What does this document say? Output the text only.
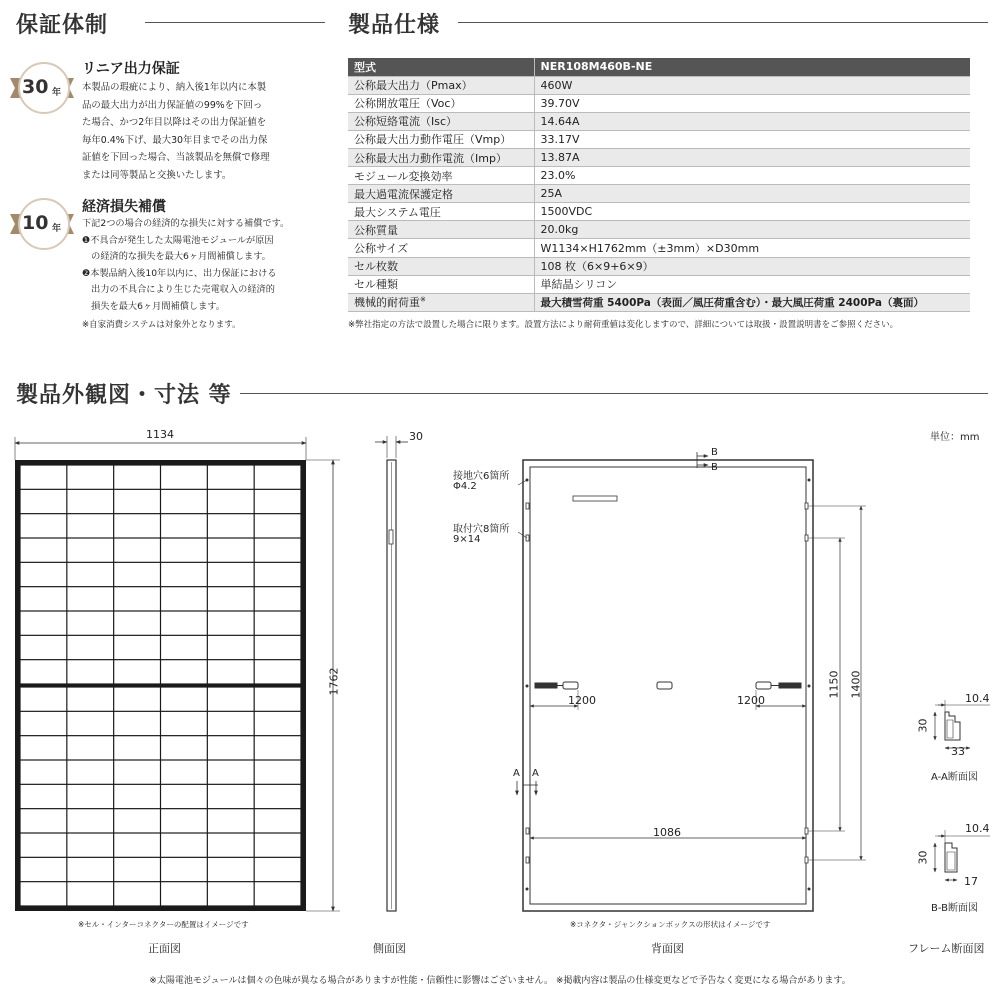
保証体制
30 年
リニア出力保証
本製品の瑕疵により、納入後1年以内に本製
品の最大出力が出力保証値の99%を下回っ
た場合、かつ2年目以降はその出力保証値を
毎年0.4%下げ、最大30年目までその出力保
証値を下回った場合、当該製品を無償で修理
または同等製品と交換いたします。
10 年
経済損失補償
下記2つの場合の経済的な損失に対する補償です。
❶不具合が発生した太陽電池モジュールが原因
　の経済的な損失を最大6ヶ月間補償します。
❷本製品納入後10年以内に、出力保証における
　出力の不具合により生じた売電収入の経済的
　損失を最大6ヶ月間補償します。
※自家消費システムは対象外となります。
製品仕様
型式	NER108M460B-NE
公称最大出力（Pmax）	460W
公称開放電圧（Voc）	39.70V
公称短絡電流（Isc）	14.64A
公称最大出力動作電圧（Vmp）	33.17V
公称最大出力動作電流（Imp）	13.87A
モジュール変換効率	23.0%
最大過電流保護定格	25A
最大システム電圧	1500VDC
公称質量	20.0kg
公称サイズ	W1134×H1762mm（±3mm）×D30mm
セル枚数	108 枚（6×9+6×9）
セル種類	単結晶シリコン
機械的耐荷重※	最大積雪荷重 5400Pa（表面／風圧荷重含む）・最大風圧荷重 2400Pa（裏面）
※弊社指定の方法で設置した場合に限ります。設置方法により耐荷重値は変化しますので、詳細については取扱・設置説明書をご参照ください。
製品外観図・寸法 等
単位：mm
1134
1762
※セル・インターコネクターの配置はイメージです
正面図
30
側面図
接地穴6箇所
Φ4.2
取付穴8箇所
9×14
B
B
1200	1200
A A
1086
1150 1400
※コネクタ・ジャンクションボックスの形状はイメージです
背面図
10.4
30
33
A-A断面図
10.4
30
17
B-B断面図
フレーム断面図
※太陽電池モジュールは個々の色味が異なる場合がありますが性能・信頼性に影響はございません。 ※掲載内容は製品の仕様変更などで予告なく変更になる場合があります。
